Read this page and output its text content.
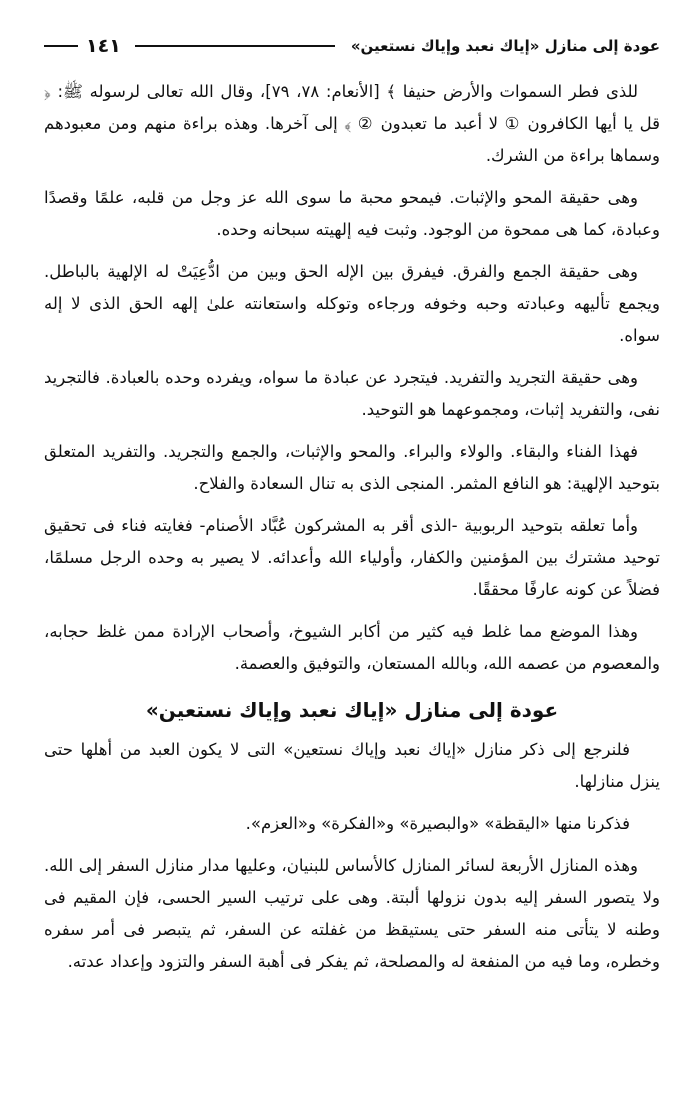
عودة إلى منازل «إياك نعبد وإياك نستعين»
١٤١

للذى فطر السموات والأرض حنيفا ﴾ [الأنعام: ٧٨، ٧٩]، وقال الله تعالى لرسوله ﷺ: ﴿ قل يا أيها الكافرون ① لا أعبد ما تعبدون ② ﴾ إلى آخرها. وهذه براءة منهم ومن معبودهم وسماها براءة من الشرك.

وهى حقيقة المحو والإثبات. فيمحو محبة ما سوى الله عز وجل من قلبه، علمًا وقصدًا وعبادة، كما هى ممحوة من الوجود. وثبت فيه إلهيته سبحانه وحده.

وهى حقيقة الجمع والفرق. فيفرق بين الإله الحق وبين من ادُّعِيَتْ له الإلهية بالباطل. ويجمع تأليهه وعبادته وحبه وخوفه ورجاءه وتوكله واستعانته علىٰ إلهه الحق الذى لا إله سواه.

وهى حقيقة التجريد والتفريد. فيتجرد عن عبادة ما سواه، ويفرده وحده بالعبادة. فالتجريد نفى، والتفريد إثبات، ومجموعهما هو التوحيد.

فهذا الفناء والبقاء. والولاء والبراء. والمحو والإثبات، والجمع والتجريد. والتفريد المتعلق بتوحيد الإلهية: هو النافع المثمر. المنجى الذى به تنال السعادة والفلاح.

وأما تعلقه بتوحيد الربوبية -الذى أقر به المشركون عُبَّاد الأصنام- فغايته فناء فى تحقيق توحيد مشترك بين المؤمنين والكفار، وأولياء الله وأعدائه. لا يصير به وحده الرجل مسلمًا، فضلاً عن كونه عارفًا محققًا.

وهذا الموضع مما غلط فيه كثير من أكابر الشيوخ، وأصحاب الإرادة ممن غلظ حجابه، والمعصوم من عصمه الله، وبالله المستعان، والتوفيق والعصمة.

عودة إلى منازل «إياك نعبد وإياك نستعين»

فلنرجع إلى ذكر منازل «إياك نعبد وإياك نستعين» التى لا يكون العبد من أهلها حتى ينزل منازلها.

فذكرنا منها «اليقظة» «والبصيرة» و«الفكرة» و«العزم».

وهذه المنازل الأربعة لسائر المنازل كالأساس للبنيان، وعليها مدار منازل السفر إلى الله. ولا يتصور السفر إليه بدون نزولها ألبتة. وهى على ترتيب السير الحسى، فإن المقيم فى وطنه لا يتأتى منه السفر حتى يستيقظ من غفلته عن السفر، ثم يتبصر فى أمر سفره وخطره، وما فيه من المنفعة له والمصلحة، ثم يفكر فى أهبة السفر والتزود وإعداد عدته.
